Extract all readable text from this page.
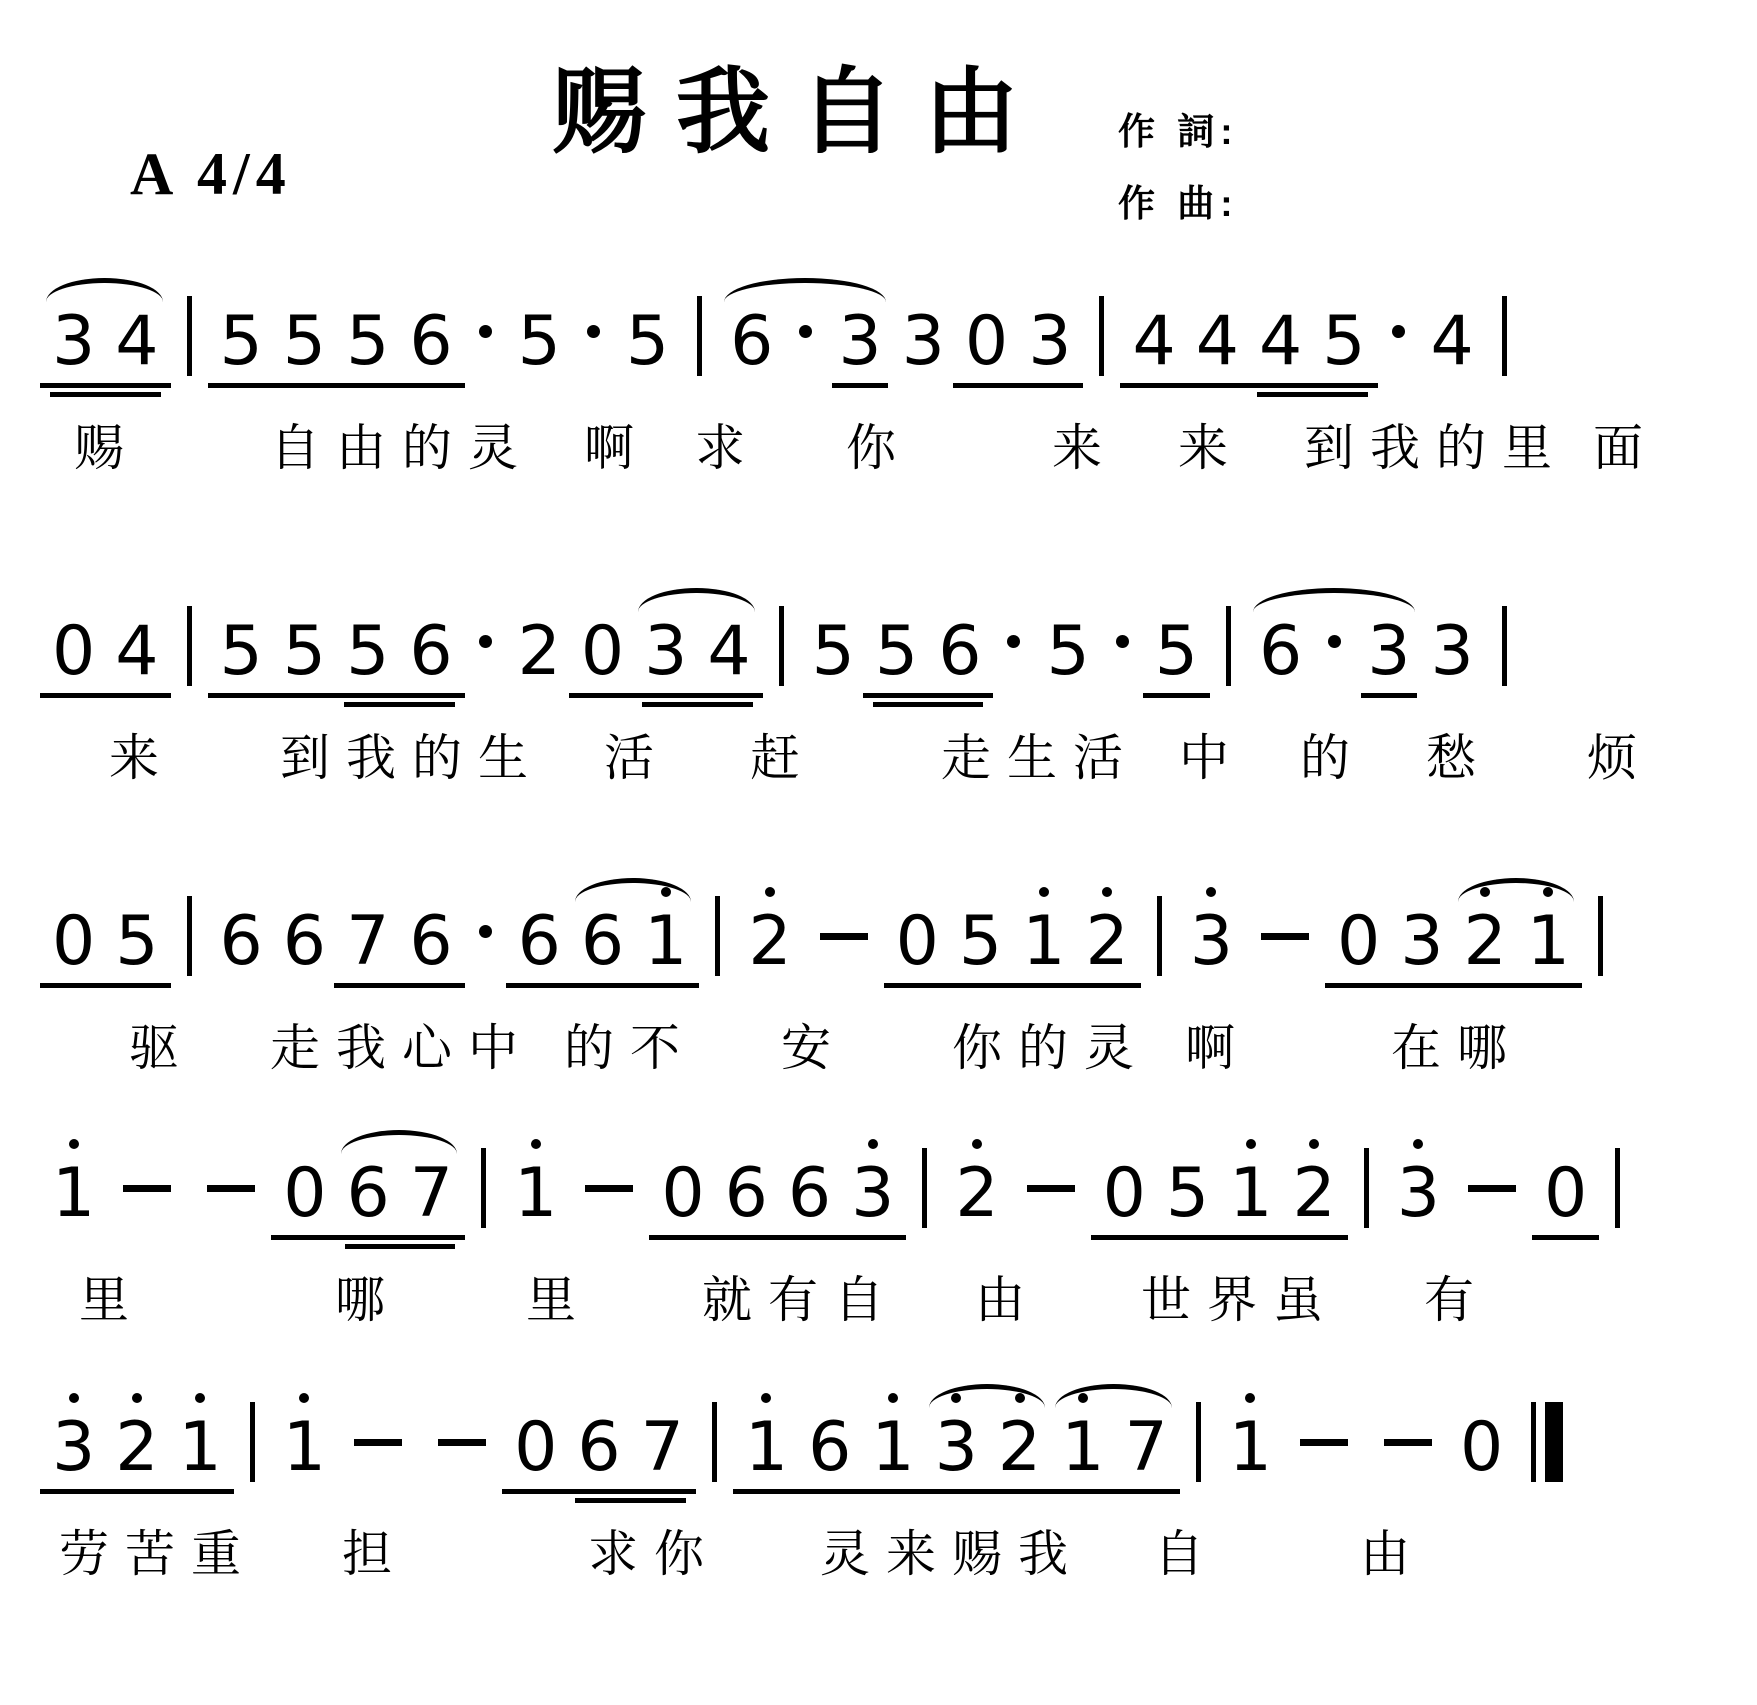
赐我自由	作 詞:
作 曲:
A 4/4
3 4 5 5 5 6 5 5 6 3 3 0 3 4 4 4 5 4
赐	自由的灵 啊 求 你	来 来 到我的里 面
0 4 5 5 5 6 2 0 3 4 5 5 6 5 5 6 3 3
来 到我的生 活 赶	走生活 中 的 愁 烦
0 5 6 6 7 6 6 6 1 2 0 5 1 2 3 0 3 2 1
驱 走我心中 的不 安 你的灵 啊	在哪
1	0 6 7 1 0 6 6 3 2 0 5 1 2 3 0
里	哪	里 就有自 由 世界虽 有
3 2 1 1	0 6 7 1 6 1 3 2 1 7 1	0
劳苦重 担	求你 灵来赐我 自	由
